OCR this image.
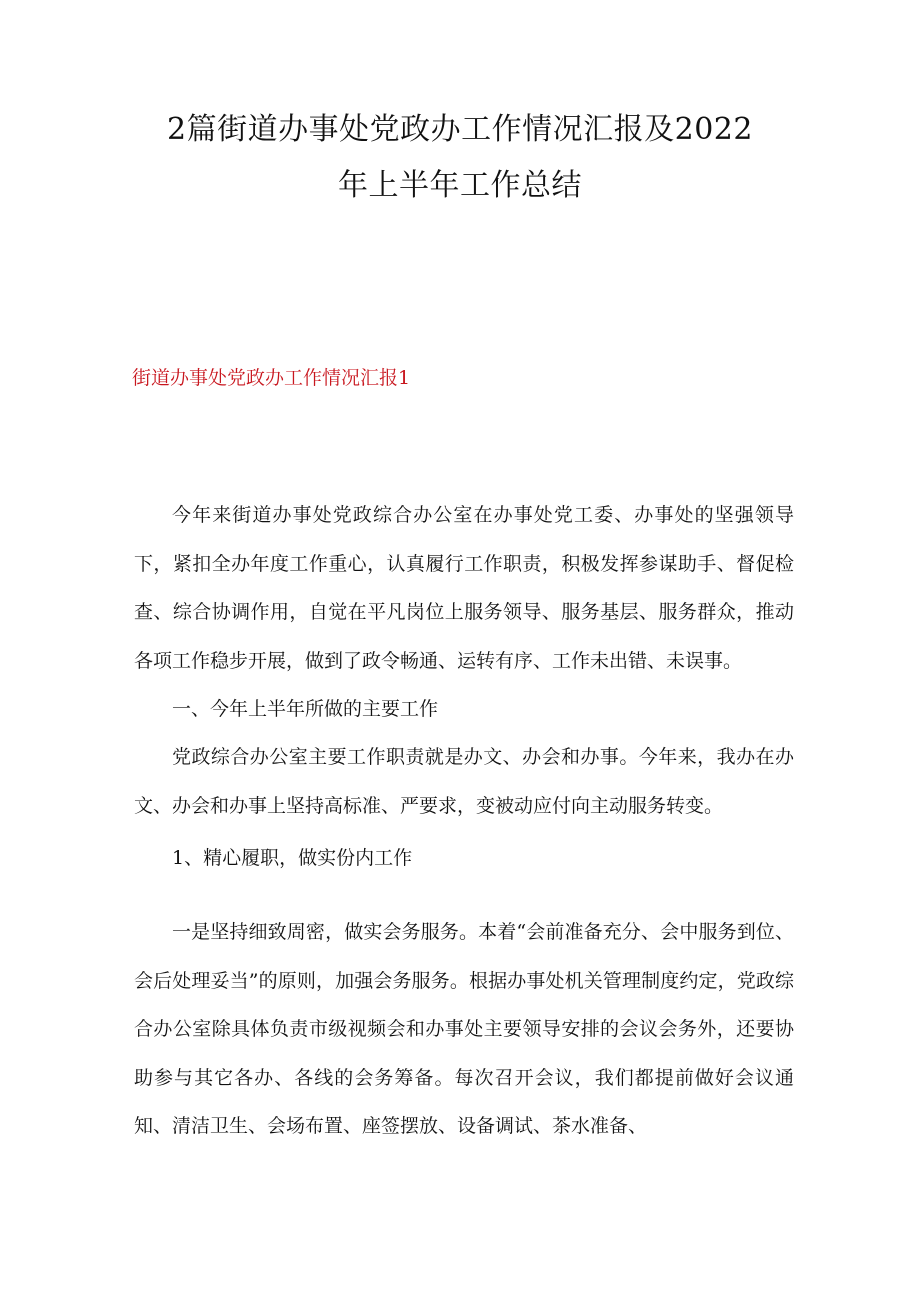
2篇街道办事处党政办工作情况汇报及2022
年上半年工作总结
街道办事处党政办工作情况汇报1

今年来街道办事处党政综合办公室在办事处党工委、办事处的坚强领导下，紧扣全办年度工作重心，认真履行工作职责，积极发挥参谋助手、督促检查、综合协调作用，自觉在平凡岗位上服务领导、服务基层、服务群众，推动各项工作稳步开展，做到了政令畅通、运转有序、工作未出错、未误事。

一、今年上半年所做的主要工作

党政综合办公室主要工作职责就是办文、办会和办事。今年来，我办在办文、办会和办事上坚持高标准、严要求，变被动应付向主动服务转变。

1、精心履职，做实份内工作

一是坚持细致周密，做实会务服务。本着“会前准备充分、会中服务到位、会后处理妥当”的原则，加强会务服务。根据办事处机关管理制度约定，党政综合办公室除具体负责市级视频会和办事处主要领导安排的会议会务外，还要协助参与其它各办、各线的会务筹备。每次召开会议，我们都提前做好会议通知、清洁卫生、会场布置、座签摆放、设备调试、茶水准备、
